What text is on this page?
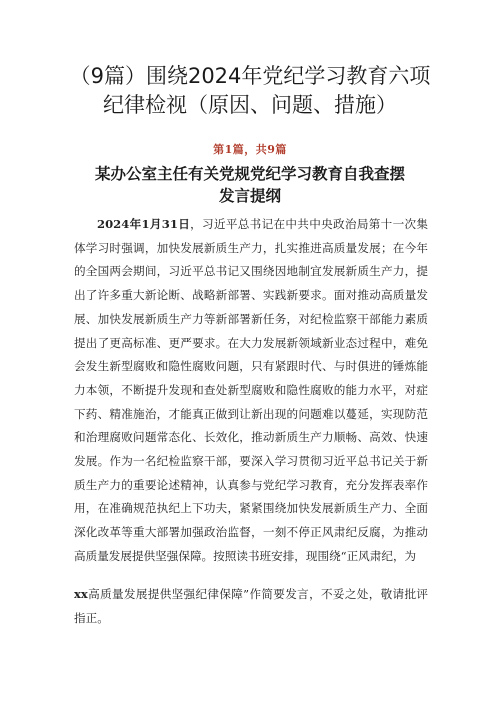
（9篇）围绕2024年党纪学习教育六项纪律检视（原因、问题、措施）
第1篇，共9篇
某办公室主任有关党规党纪学习教育自我查摆发言提纲

2024年1月31日，习近平总书记在中共中央政治局第十一次集体学习时强调，加快发展新质生产力，扎实推进高质量发展；在今年的全国两会期间，习近平总书记又围绕因地制宜发展新质生产力，提出了许多重大新论断、战略新部署、实践新要求。面对推动高质量发展、加快发展新质生产力等新部署新任务，对纪检监察干部能力素质提出了更高标准、更严要求。在大力发展新领域新业态过程中，难免会发生新型腐败和隐性腐败问题，只有紧跟时代、与时俱进的锤炼能力本领，不断提升发现和查处新型腐败和隐性腐败的能力水平，对症下药、精准施治，才能真正做到让新出现的问题难以蔓延，实现防范和治理腐败问题常态化、长效化，推动新质生产力顺畅、高效、快速发展。作为一名纪检监察干部，要深入学习贯彻习近平总书记关于新质生产力的重要论述精神，认真参与党纪学习教育，充分发挥表率作用，在准确规范执纪上下功夫，紧紧围绕加快发展新质生产力、全面深化改革等重大部署加强政治监督，一刻不停正风肃纪反腐，为推动高质量发展提供坚强保障。按照读书班安排，现围绕“正风肃纪，为

xx高质量发展提供坚强纪律保障”作简要发言，不妥之处，敬请批评指正。
